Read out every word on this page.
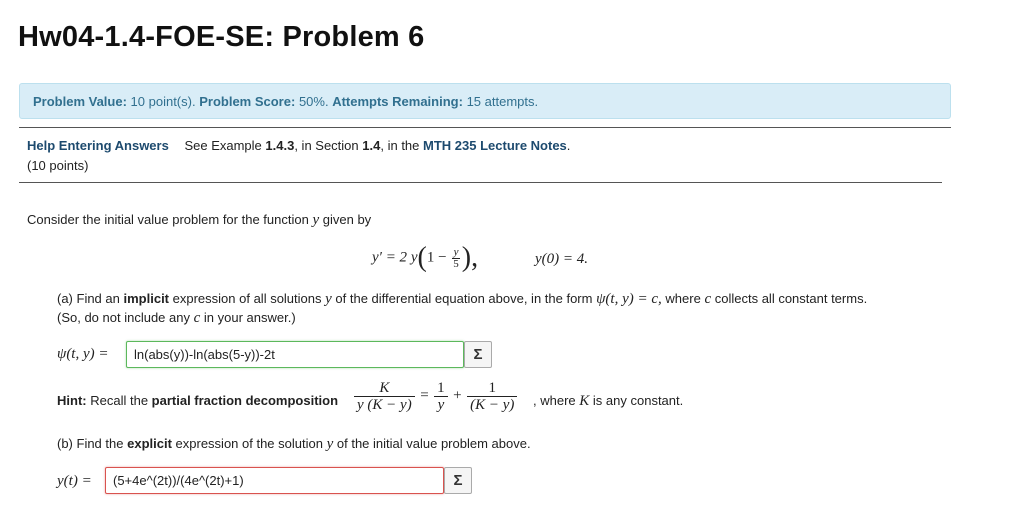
Hw04-1.4-FOE-SE: Problem 6
Problem Value: 10 point(s). Problem Score: 50%. Attempts Remaining: 15 attempts.
Help Entering Answers See Example 1.4.3, in Section 1.4, in the MTH 235 Lecture Notes.
(10 points)
Consider the initial value problem for the function y given by
y′ = 2 $y(1 - \frac{y}{5}$ ),	y(0) = 4.
(a) Find an implicit expression of all solutions y of the differential equation above, in the form ψ(t, y) = c, where c collects all constant terms.
(So, do not include any c in your answer.)
ψ(t, y) =
ln(abs(y))-ln(abs(5-y))-2t	Σ
Hint: Recall the partial fraction decomposition $\frac{K}{y (K - y)} = \frac{1}{y} + \frac{1}{(K - y)}$ , where K is any constant.
(b) Find the explicit expression of the solution y of the initial value problem above.
y(t) =
(5+4e^(2t))/(4e^(2t)+1)	Σ
